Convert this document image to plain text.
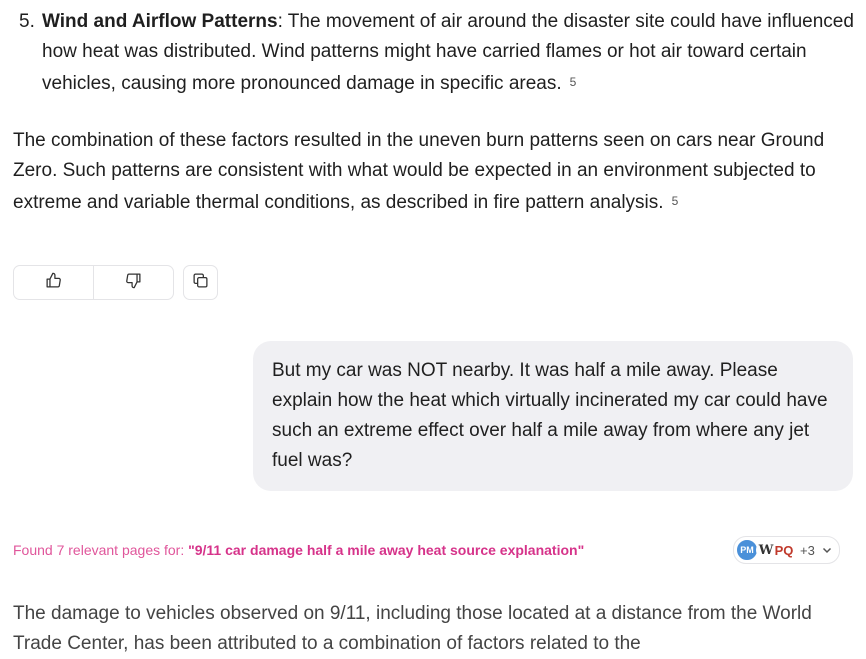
5. Wind and Airflow Patterns: The movement of air around the disaster site could have influenced how heat was distributed. Wind patterns might have carried flames or hot air toward certain vehicles, causing more pronounced damage in specific areas. 5
The combination of these factors resulted in the uneven burn patterns seen on cars near Ground Zero. Such patterns are consistent with what would be expected in an environment subjected to extreme and variable thermal conditions, as described in fire pattern analysis. 5
But my car was NOT nearby. It was half a mile away. Please explain how the heat which virtually incinerated my car could have such an extreme effect over half a mile away from where any jet fuel was?
Found 7 relevant pages for: "9/11 car damage half a mile away heat source explanation"	PM W PQ +3
The damage to vehicles observed on 9/11, including those located at a distance from the World Trade Center, has been attributed to a combination of factors related to the
